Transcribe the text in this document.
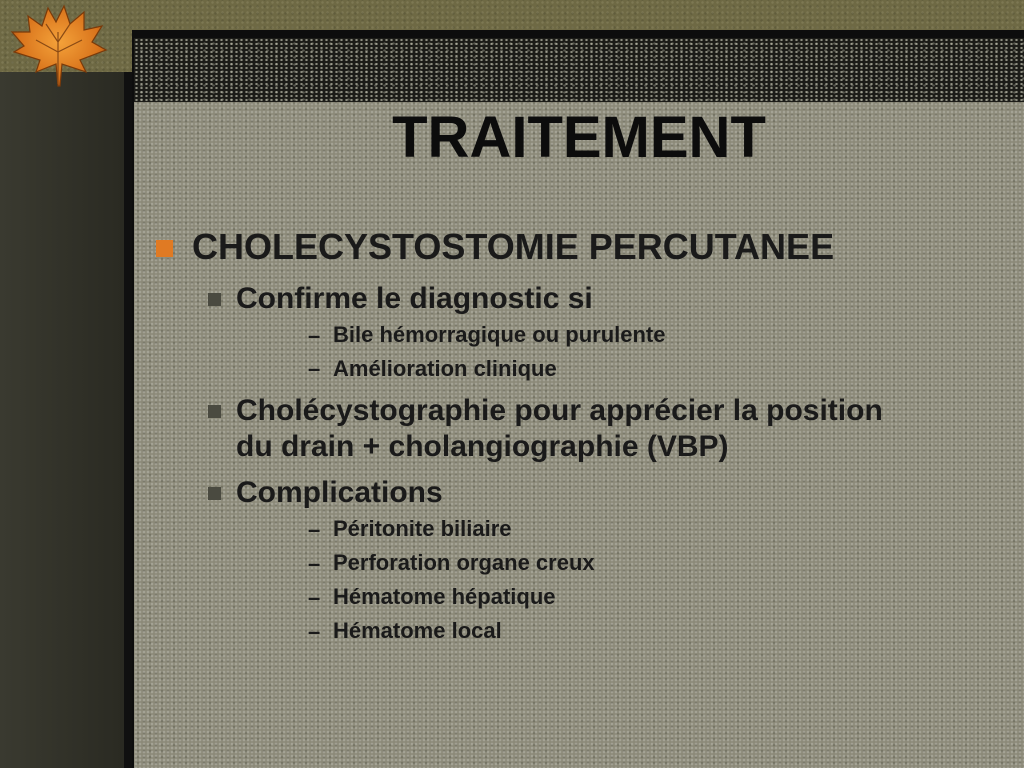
TRAITEMENT
CHOLECYSTOSTOMIE PERCUTANEE
Confirme le diagnostic si
– Bile hémorragique ou purulente
– Amélioration clinique
Cholécystographie pour apprécier la position
du drain + cholangiographie (VBP)
Complications
– Péritonite biliaire
– Perforation organe creux
– Hématome hépatique
– Hématome local
